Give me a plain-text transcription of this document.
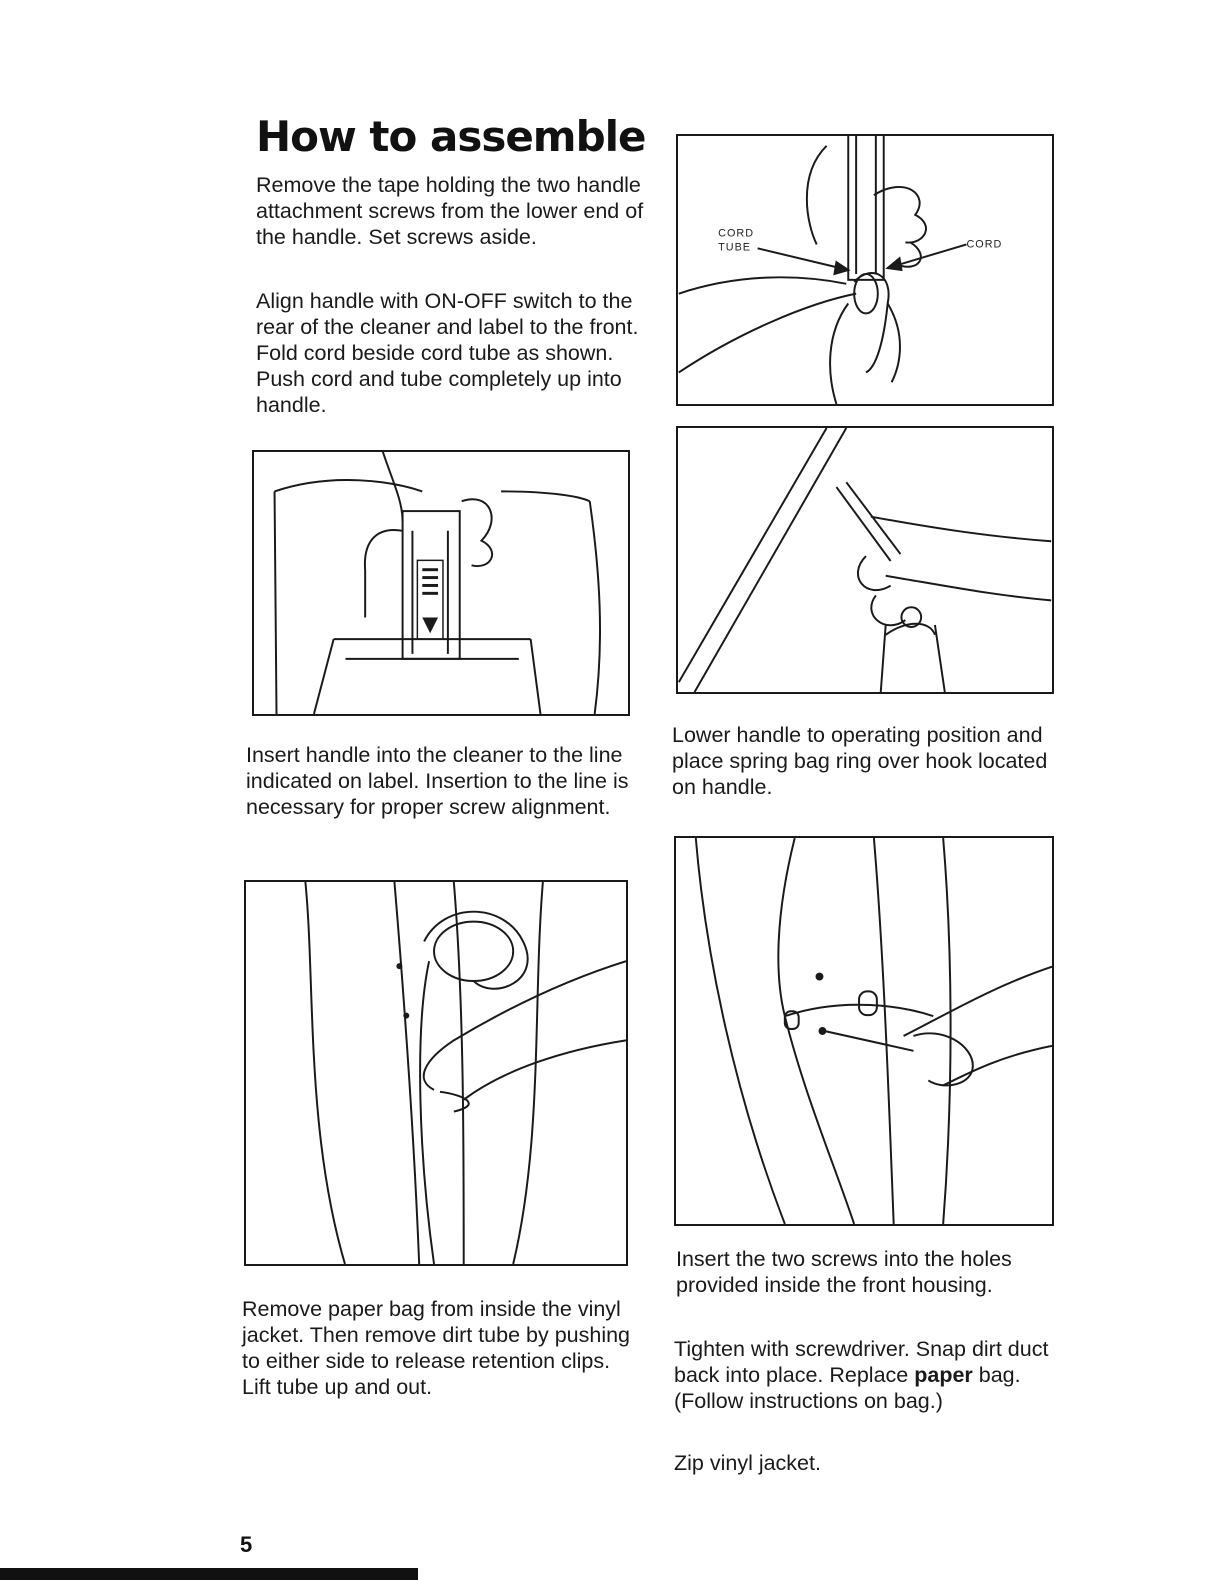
How to assemble

Remove the tape holding the two handle attachment screws from the lower end of the handle. Set screws aside.

Align handle with ON-OFF switch to the rear of the cleaner and label to the front. Fold cord beside cord tube as shown. Push cord and tube completely up into handle.

CORD
TUBE	CORD

Insert handle into the cleaner to the line indicated on label. Insertion to the line is necessary for proper screw alignment.

Lower handle to operating position and place spring bag ring over hook located on handle.

Remove paper bag from inside the vinyl jacket. Then remove dirt tube by pushing to either side to release retention clips. Lift tube up and out.

Insert the two screws into the holes provided inside the front housing.

Tighten with screwdriver. Snap dirt duct back into place. Replace paper bag. (Follow instructions on bag.)

Zip vinyl jacket.

5
